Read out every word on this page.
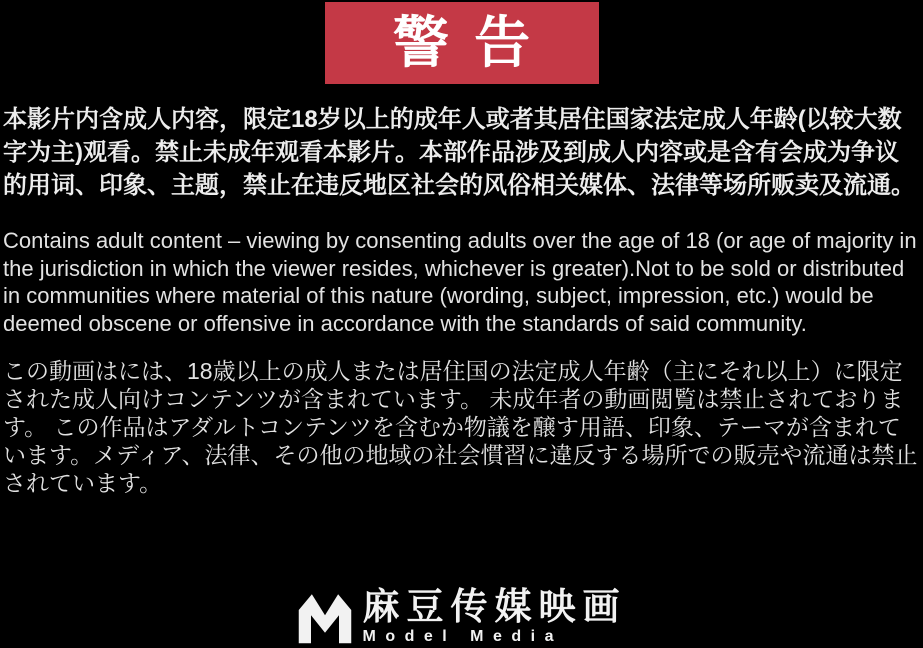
警告

本影片内含成人内容，限定18岁以上的成年人或者其居住国家法定成人年龄(以较大数字为主)观看。禁止未成年观看本影片。本部作品涉及到成人内容或是含有会成为争议的用词、印象、主题，禁止在违反地区社会的风俗相关媒体、法律等场所贩卖及流通。

Contains adult content – viewing by consenting adults over the age of 18 (or age of majority in the jurisdiction in which the viewer resides, whichever is greater).Not to be sold or distributed in communities where material of this nature (wording, subject, impression, etc.) would be deemed obscene or offensive in accordance with the standards of said community.

この動画はには、18歳以上の成人または居住国の法定成人年齢（主にそれ以上）に限定された成人向けコンテンツが含まれています。 未成年者の動画閲覧は禁止されております。 この作品はアダルトコンテンツを含むか物議を醸す用語、印象、テーマが含まれています。メディア、法律、その他の地域の社会慣習に違反する場所での販売や流通は禁止されています。

麻豆传媒映画
Model Media
